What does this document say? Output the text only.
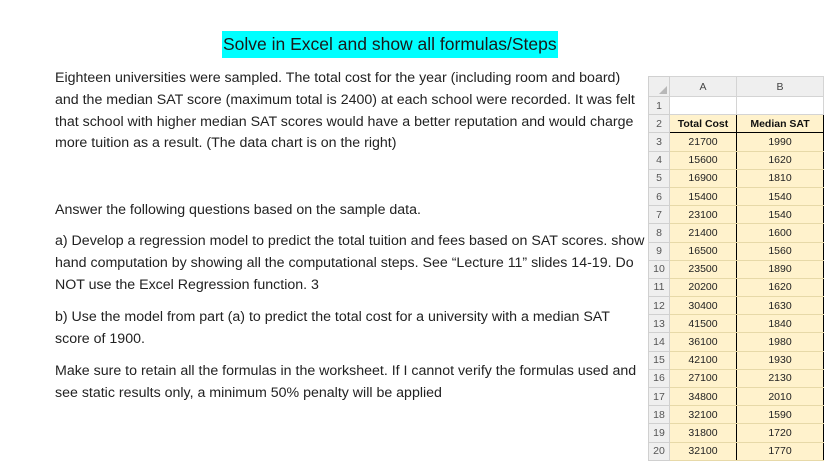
Solve in Excel and show all formulas/Steps
Eighteen universities were sampled. The total cost for the year (including room and board) and the median SAT score (maximum total is 2400) at each school were recorded. It was felt that school with higher median SAT scores would have a better reputation and would charge more tuition as a result. (The data chart is on the right)
Answer the following questions based on the sample data.
a) Develop a regression model to predict the total tuition and fees based on SAT scores. show hand computation by showing all the computational steps. See “Lecture 11” slides 14-19. Do NOT use the Excel Regression function. 3
b) Use the model from part (a) to predict the total cost for a university with a median SAT score of 1900.
Make sure to retain all the formulas in the worksheet. If I cannot verify the formulas used and see static results only, a minimum 50% penalty will be applied
	A	B
1		
2	Total Cost	Median SAT
3	21700	1990
4	15600	1620
5	16900	1810
6	15400	1540
7	23100	1540
8	21400	1600
9	16500	1560
10	23500	1890
11	20200	1620
12	30400	1630
13	41500	1840
14	36100	1980
15	42100	1930
16	27100	2130
17	34800	2010
18	32100	1590
19	31800	1720
20	32100	1770
